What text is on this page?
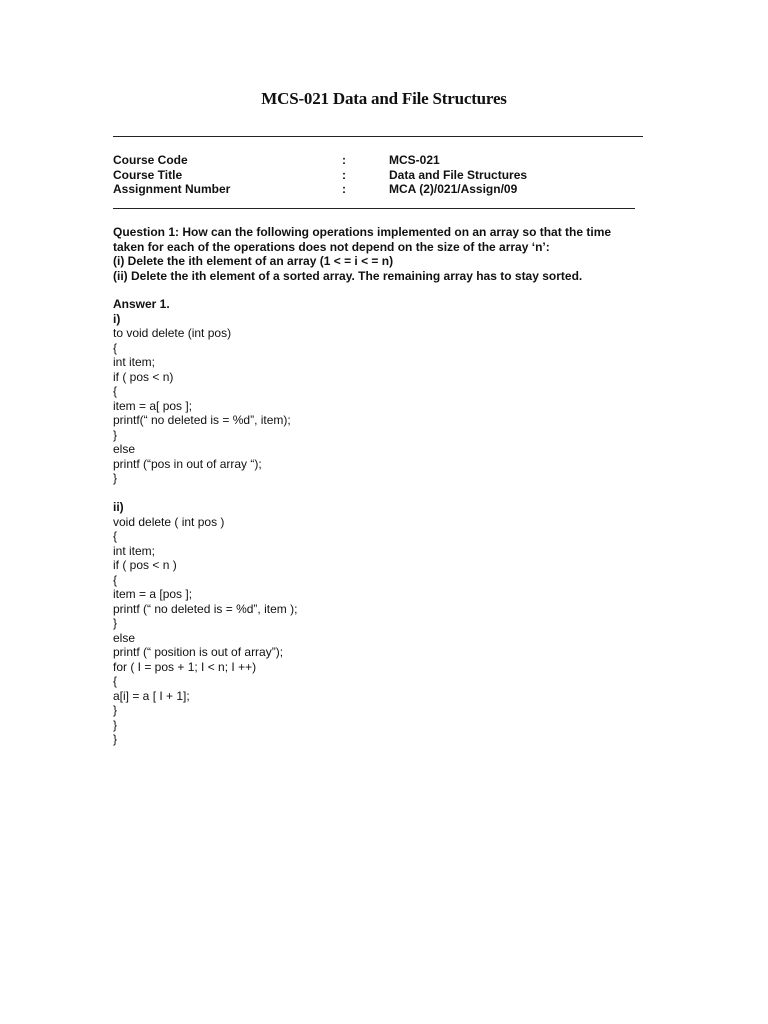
MCS-021 Data and File Structures
Course Code	:	MCS-021
Course Title	:	Data and File Structures
Assignment Number	:	MCA (2)/021/Assign/09
Question 1: How can the following operations implemented on an array so that the time
taken for each of the operations does not depend on the size of the array ‘n’:
(i) Delete the ith element of an array (1 < = i < = n)
(ii) Delete the ith element of a sorted array. The remaining array has to stay sorted.
Answer 1.
i)
to void delete (int pos)
{
int item;
if ( pos < n)
{
item = a[ pos ];
printf(“ no deleted is = %d”, item);
}
else
printf (“pos in out of array “);
}
ii)
void delete ( int pos )
{
int item;
if ( pos < n )
{
item = a [pos ];
printf (“ no deleted is = %d”, item );
}
else
printf (“ position is out of array”);
for ( I = pos + 1; I < n; I ++)
{
a[i] = a [ I + 1];
}
}
}
